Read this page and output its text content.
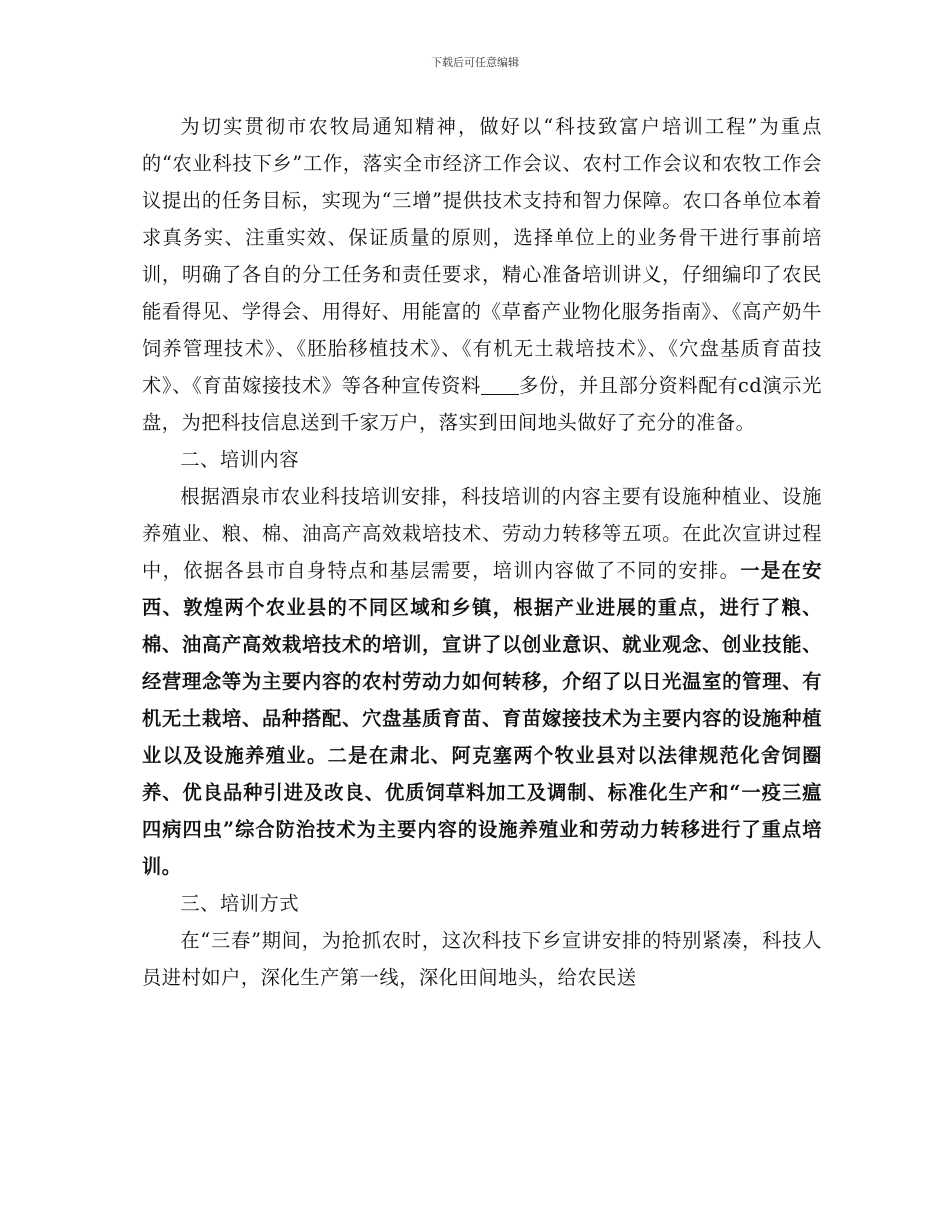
下载后可任意编辑

为切实贯彻市农牧局通知精神，做好以“科技致富户培训工程”为重点的“农业科技下乡”工作，落实全市经济工作会议、农村工作会议和农牧工作会议提出的任务目标，实现为“三增”提供技术支持和智力保障。农口各单位本着求真务实、注重实效、保证质量的原则，选择单位上的业务骨干进行事前培训，明确了各自的分工任务和责任要求，精心准备培训讲义，仔细编印了农民能看得见、学得会、用得好、用能富的《草畜产业物化服务指南》、《高产奶牛饲养管理技术》、《胚胎移植技术》、《有机无土栽培技术》、《穴盘基质育苗技术》、《育苗嫁接技术》等各种宣传资料 多份，并且部分资料配有cd演示光盘，为把科技信息送到千家万户，落实到田间地头做好了充分的准备。

二、培训内容

根据酒泉市农业科技培训安排，科技培训的内容主要有设施种植业、设施养殖业、粮、棉、油高产高效栽培技术、劳动力转移等五项。在此次宣讲过程中，依据各县市自身特点和基层需要，培训内容做了不同的安排。一是在安西、敦煌两个农业县的不同区域和乡镇，根据产业进展的重点，进行了粮、棉、油高产高效栽培技术的培训，宣讲了以创业意识、就业观念、创业技能、经营理念等为主要内容的农村劳动力如何转移，介绍了以日光温室的管理、有机无土栽培、品种搭配、穴盘基质育苗、育苗嫁接技术为主要内容的设施种植业以及设施养殖业。二是在肃北、阿克塞两个牧业县对以法律规范化舍饲圈养、优良品种引进及改良、优质饲草料加工及调制、标准化生产和“一疫三瘟四病四虫”综合防治技术为主要内容的设施养殖业和劳动力转移进行了重点培训。

三、培训方式

在“三春”期间，为抢抓农时，这次科技下乡宣讲安排的特别紧凑，科技人员进村如户，深化生产第一线，深化田间地头，给农民送
